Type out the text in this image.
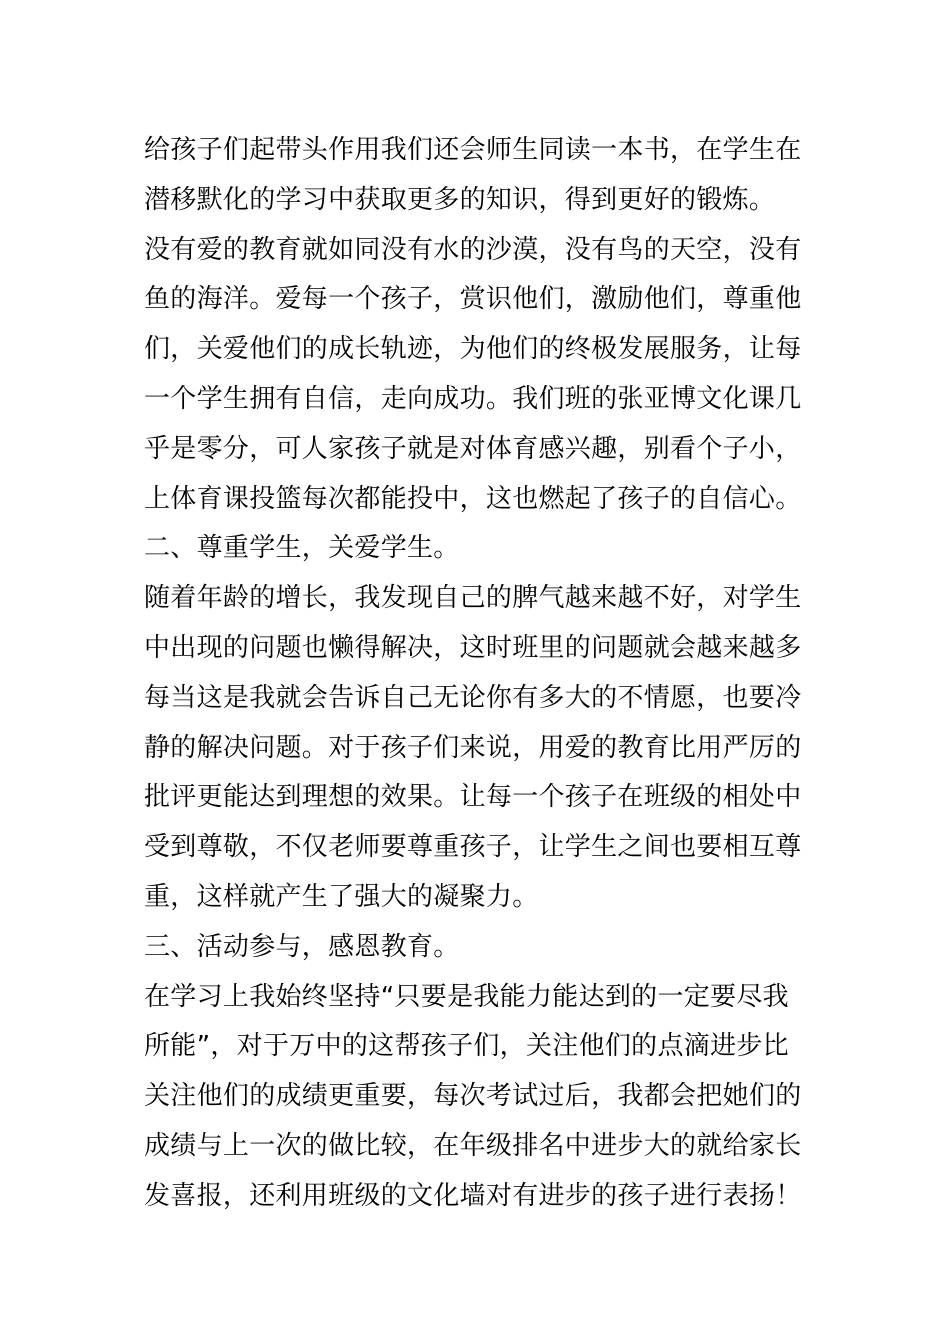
给孩子们起带头作用我们还会师生同读一本书，在学生在
潜移默化的学习中获取更多的知识，得到更好的锻炼。
没有爱的教育就如同没有水的沙漠，没有鸟的天空，没有
鱼的海洋。爱每一个孩子，赏识他们，激励他们，尊重他
们，关爱他们的成长轨迹，为他们的终极发展服务，让每
一个学生拥有自信，走向成功。我们班的张亚博文化课几
乎是零分，可人家孩子就是对体育感兴趣，别看个子小，
上体育课投篮每次都能投中，这也燃起了孩子的自信心。
二、尊重学生，关爱学生。
随着年龄的增长，我发现自己的脾气越来越不好，对学生
中出现的问题也懒得解决，这时班里的问题就会越来越多
每当这是我就会告诉自己无论你有多大的不情愿，也要冷
静的解决问题。对于孩子们来说，用爱的教育比用严厉的
批评更能达到理想的效果。让每一个孩子在班级的相处中
受到尊敬，不仅老师要尊重孩子，让学生之间也要相互尊
重，这样就产生了强大的凝聚力。
三、活动参与，感恩教育。
在学习上我始终坚持“只要是我能力能达到的一定要尽我
所能”，对于万中的这帮孩子们，关注他们的点滴进步比
关注他们的成绩更重要，每次考试过后，我都会把她们的
成绩与上一次的做比较，在年级排名中进步大的就给家长
发喜报，还利用班级的文化墙对有进步的孩子进行表扬！
